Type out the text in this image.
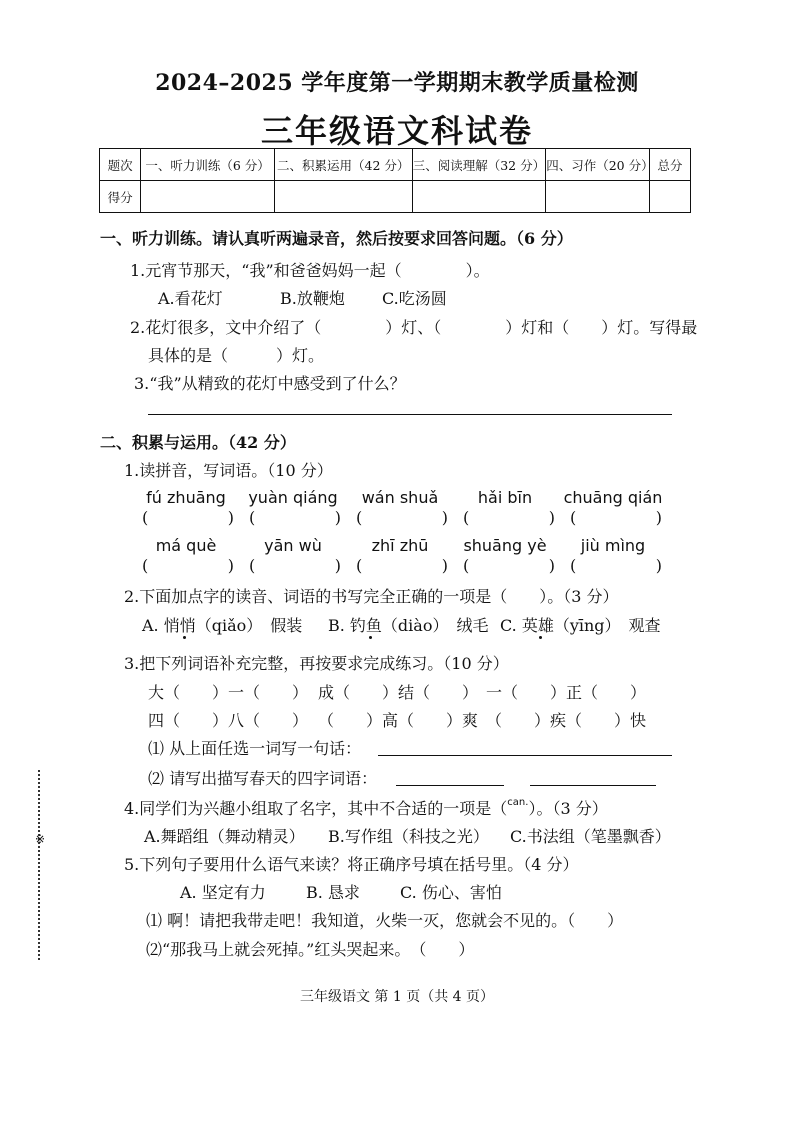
2024–2025 学年度第一学期期末教学质量检测
三年级语文科试卷
题次	一、听力训练（6 分）	二、积累运用（42 分）	三、阅读理解（32 分）	四、习作（20 分）	总分
得分					
一、听力训练。请认真听两遍录音，然后按要求回答问题。（6 分）
1.元宵节那天，“我”和爸爸妈妈一起（　　　　）。
A.看花灯	B.放鞭炮 C.吃汤圆
2.花灯很多，文中介绍了（　　　　）灯、（　　　　）灯和（　　）灯。写得最
具体的是（　　　）灯。
3.“我”从精致的花灯中感受到了什么？
二、积累与运用。（42 分）
1.读拼音，写词语。（10 分）
fú zhuāng	yuàn qiáng	wán shuǎ	hǎi bīn	chuāng qián
(	) (	) (	) (	) (	)
má què	yān wù	zhī zhū	shuāng yè	jiù mìng
(	) (	) (	) (	) (	)
2.下面加点字的读音、词语的书写完全正确的一项是（　　）。（3 分）
A. 悄悄（qiǎo）　假装 B. 钓鱼（diào）　绒毛 C. 英雄（yīng）　观查
3.把下列词语补充完整，再按要求完成练习。（10 分）
大（　　）一（　　） 成（　　）结（　　） 一（　　）正（　　）
四（　　）八（　　） （　　）高（　　）爽 （　　）疾（　　）快
⑴ 从上面任选一词写一句话：
⑵ 请写出描写春天的四字词语：
4.同学们为兴趣小组取了名字，其中不合适的一项是（$^{can.}$）。（3 分）
A.舞蹈组（舞动精灵） B.写作组（科技之光） C.书法组（笔墨飘香）
5.下列句子要用什么语气来读？将正确序号填在括号里。（4 分）
A. 坚定有力	B. 恳求	C. 伤心、害怕
⑴ 啊！请把我带走吧！我知道，火柴一灭，您就会不见的。（　　）
⑵“那我马上就会死掉。”红头哭起来。　（　　）
※
三年级语文 第 1 页（共 4 页）
